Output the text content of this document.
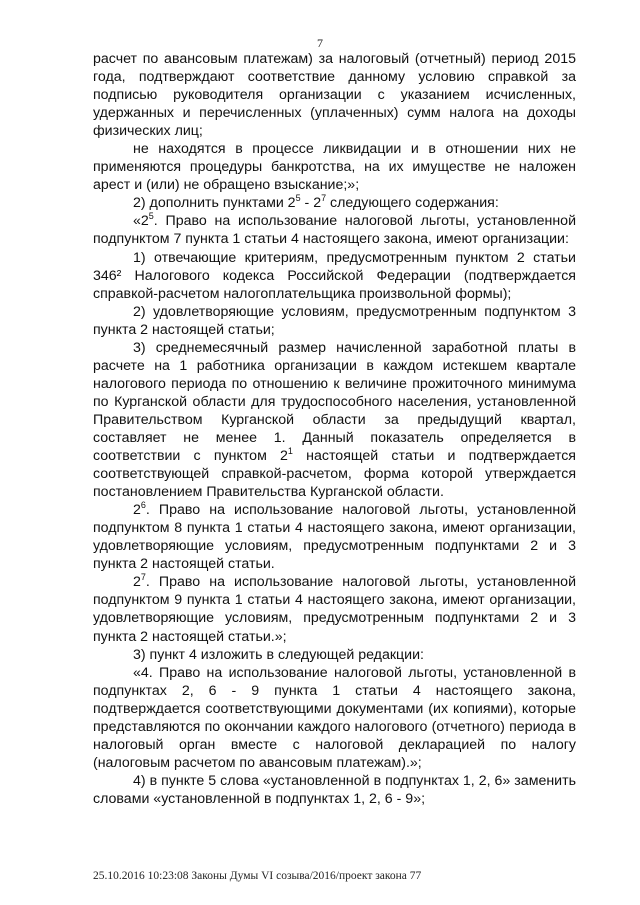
7

расчет по авансовым платежам) за налоговый (отчетный) период 2015 года, подтверждают соответствие данному условию справкой за подписью руководителя организации с указанием исчисленных, удержанных и перечисленных (уплаченных) сумм налога на доходы физических лиц;

не находятся в процессе ликвидации и в отношении них не применяются процедуры банкротства, на их имуществе не наложен арест и (или) не обращено взыскание;»;

2) дополнить пунктами $2^5 - 2^7$ следующего содержания:

«$2^5$. Право на использование налоговой льготы, установленной подпунктом 7 пункта 1 статьи 4 настоящего закона, имеют организации:

1) отвечающие критериям, предусмотренным пунктом 2 статьи 346² Налогового кодекса Российской Федерации (подтверждается справкой-расчетом налогоплательщика произвольной формы);

2) удовлетворяющие условиям, предусмотренным подпунктом 3 пункта 2 настоящей статьи;

3) среднемесячный размер начисленной заработной платы в расчете на 1 работника организации в каждом истекшем квартале налогового периода по отношению к величине прожиточного минимума по Курганской области для трудоспособного населения, установленной Правительством Курганской области за предыдущий квартал, составляет не менее 1. Данный показатель определяется в соответствии с пунктом $2^1$ настоящей статьи и подтверждается соответствующей справкой-расчетом, форма которой утверждается постановлением Правительства Курганской области.

$2^6$. Право на использование налоговой льготы, установленной подпунктом 8 пункта 1 статьи 4 настоящего закона, имеют организации, удовлетворяющие условиям, предусмотренным подпунктами 2 и 3 пункта 2 настоящей статьи.

$2^7$. Право на использование налоговой льготы, установленной подпунктом 9 пункта 1 статьи 4 настоящего закона, имеют организации, удовлетворяющие условиям, предусмотренным подпунктами 2 и 3 пункта 2 настоящей статьи.»;

3) пункт 4 изложить в следующей редакции:

«4. Право на использование налоговой льготы, установленной в подпунктах 2, 6 - 9 пункта 1 статьи 4 настоящего закона, подтверждается соответствующими документами (их копиями), которые представляются по окончании каждого налогового (отчетного) периода в налоговый орган вместе с налоговой декларацией по налогу (налоговым расчетом по авансовым платежам).»;

4) в пункте 5 слова «установленной в подпунктах 1, 2, 6» заменить словами «установленной в подпунктах 1, 2, 6 - 9»;

25.10.2016 10:23:08 Законы Думы VI созыва/2016/проект закона 77
